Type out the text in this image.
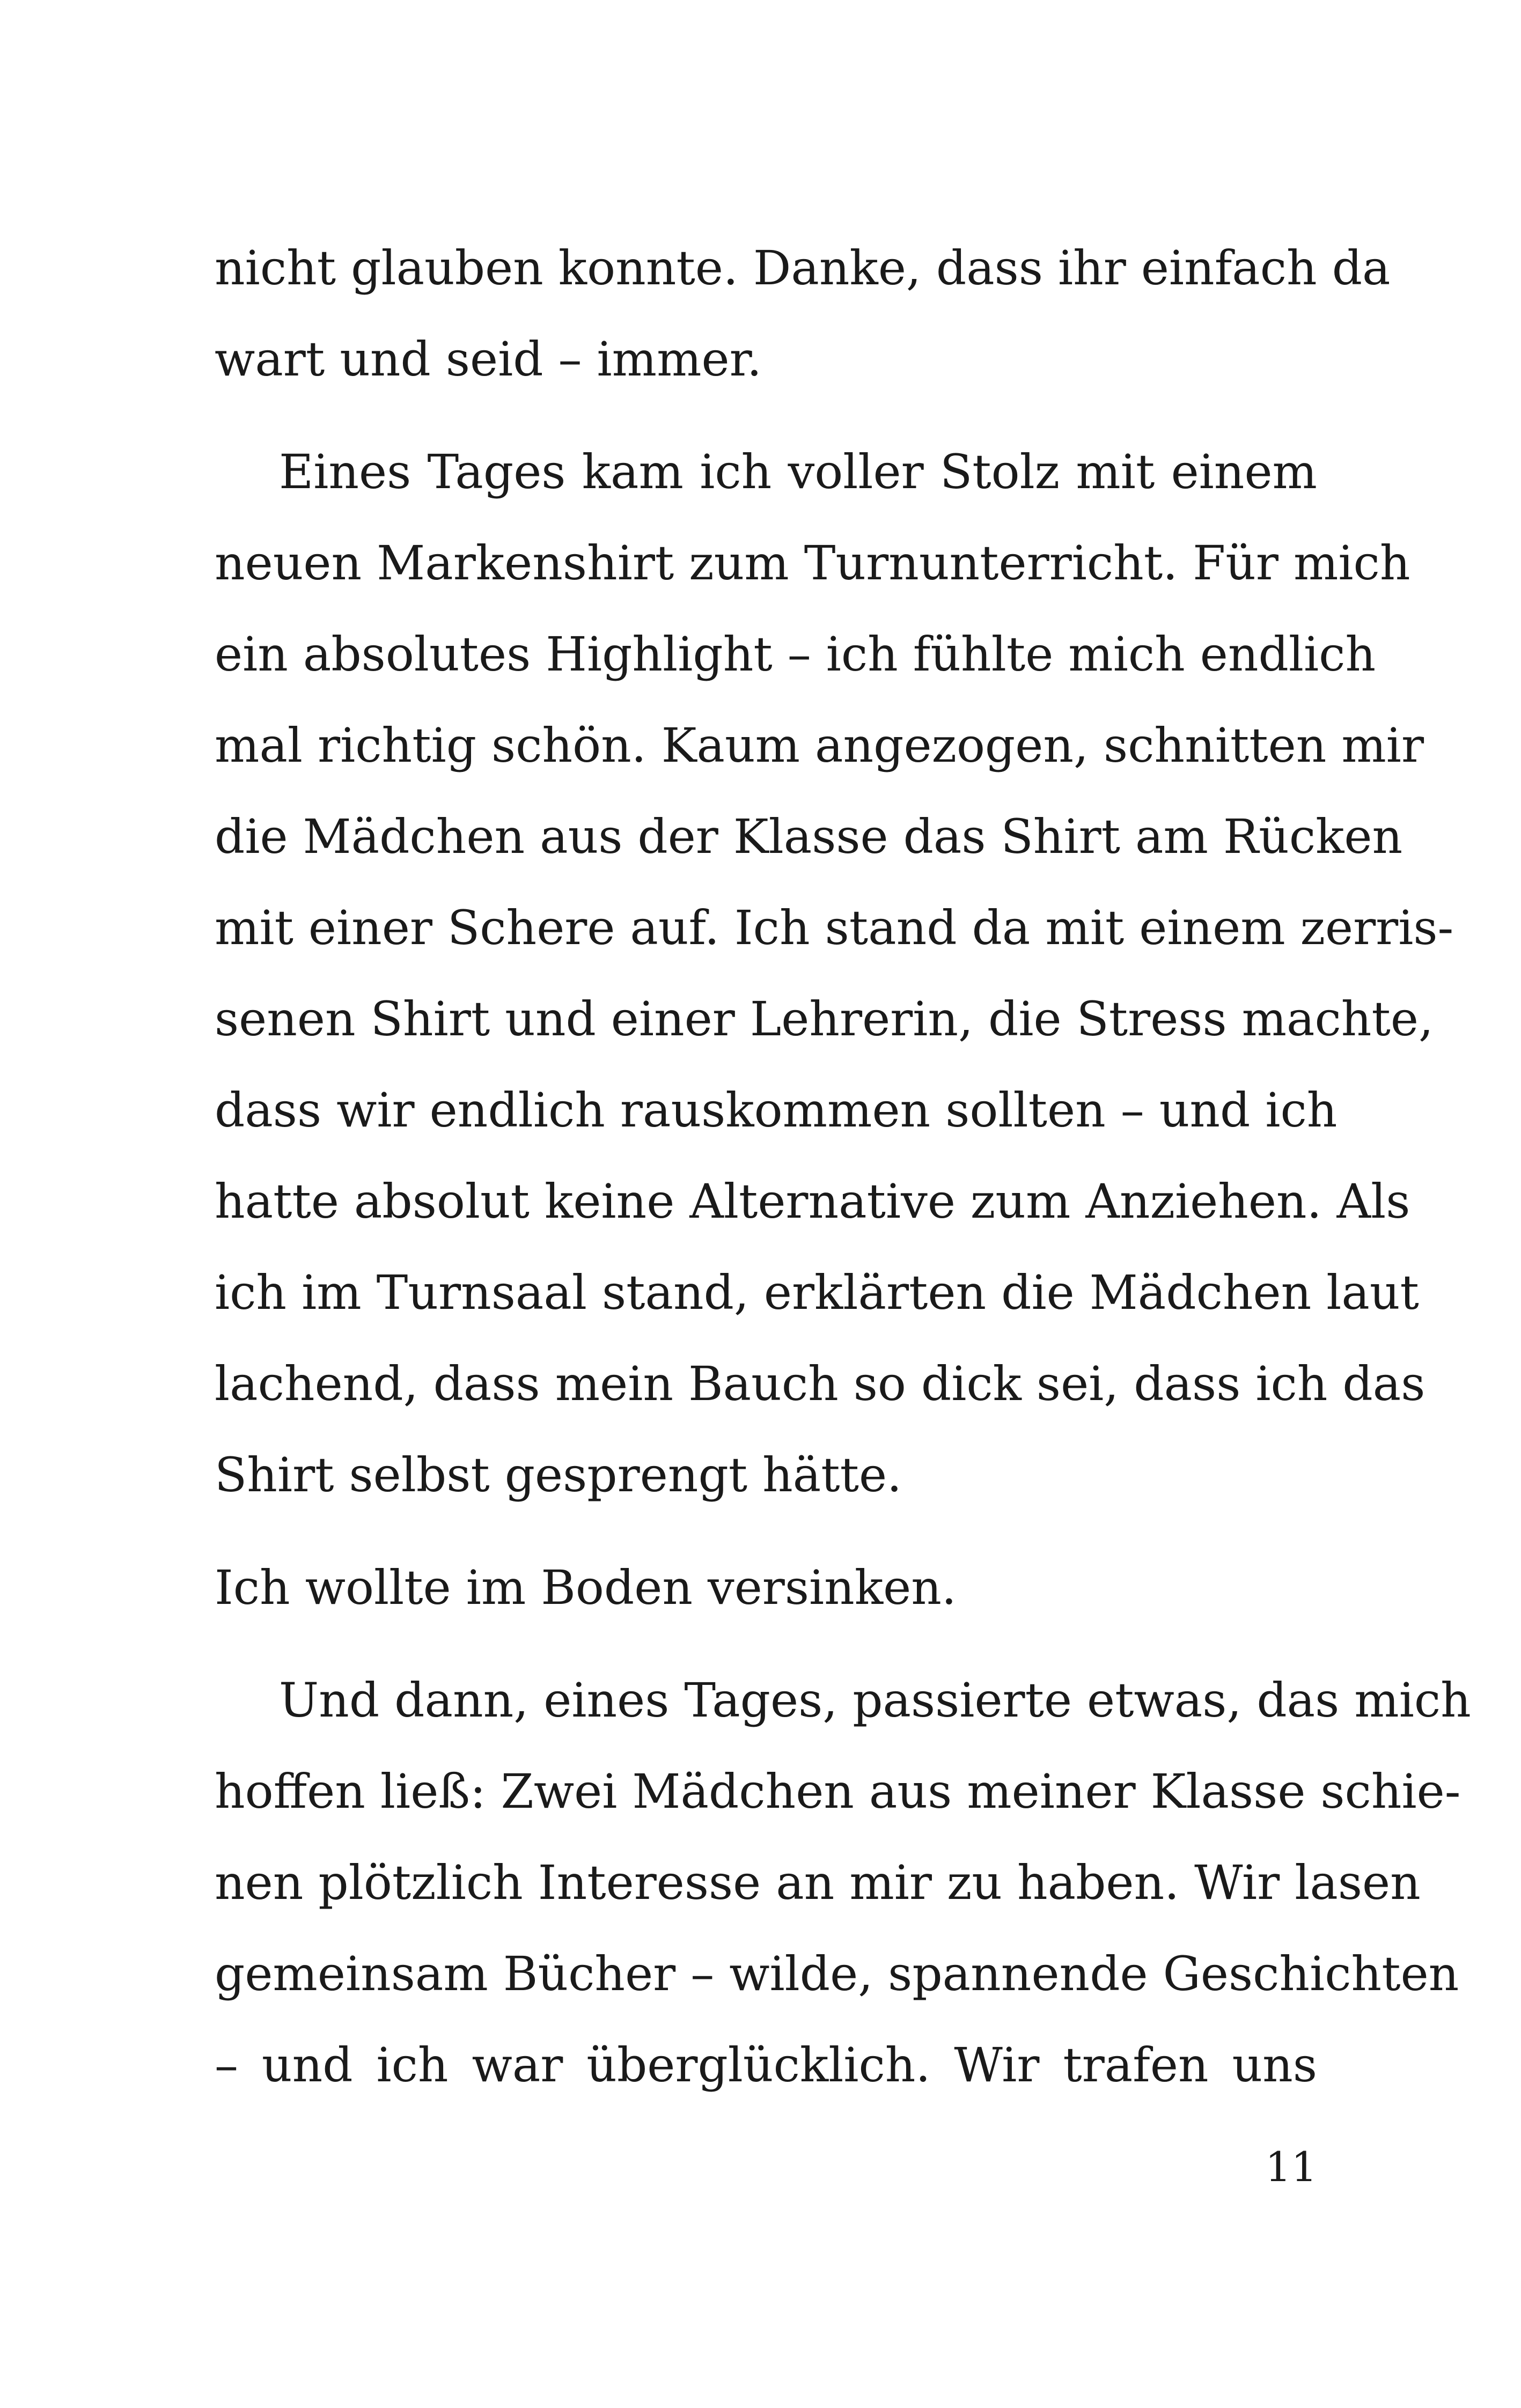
nicht glauben konnte. Danke, dass ihr einfach da

wart und seid – immer.

Eines Tages kam ich voller Stolz mit einem

neuen Markenshirt zum Turnunterricht. Für mich

ein absolutes Highlight – ich fühlte mich endlich

mal richtig schön. Kaum angezogen, schnitten mir

die Mädchen aus der Klasse das Shirt am Rücken

mit einer Schere auf. Ich stand da mit einem zerris-

senen Shirt und einer Lehrerin, die Stress machte,

dass wir endlich rauskommen sollten – und ich

hatte absolut keine Alternative zum Anziehen. Als

ich im Turnsaal stand, erklärten die Mädchen laut

lachend, dass mein Bauch so dick sei, dass ich das

Shirt selbst gesprengt hätte.

Ich wollte im Boden versinken.

Und dann, eines Tages, passierte etwas, das mich

hoffen ließ: Zwei Mädchen aus meiner Klasse schie-

nen plötzlich Interesse an mir zu haben. Wir lasen

gemeinsam Bücher – wilde, spannende Geschichten

– und ich war überglücklich. Wir trafen uns

11
